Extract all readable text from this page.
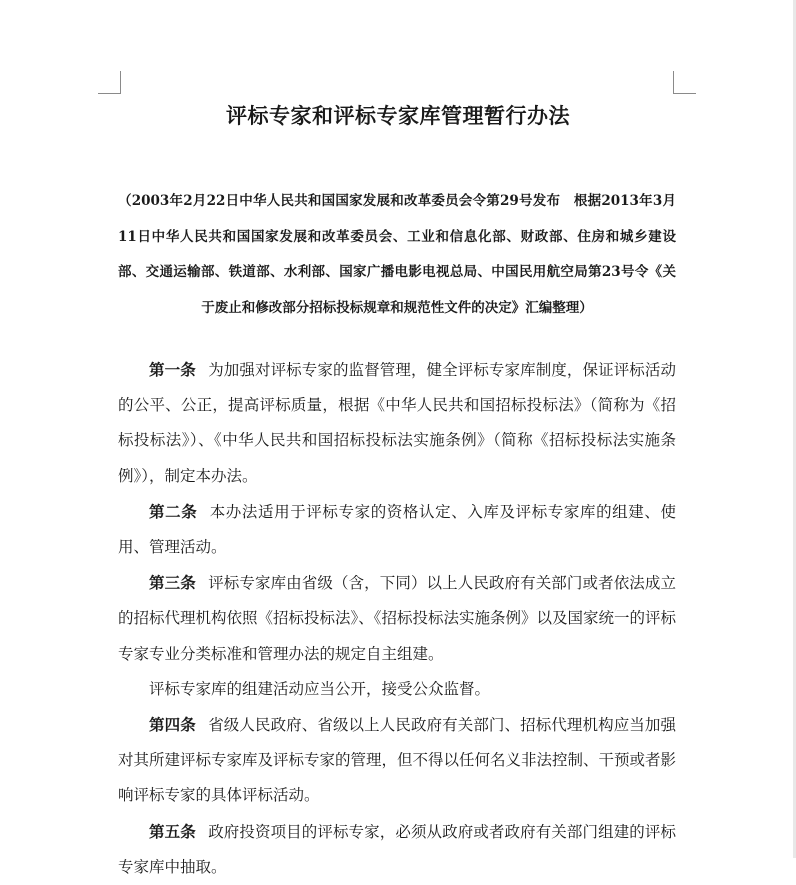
评标专家和评标专家库管理暂行办法
（2003年2月22日中华人民共和国国家发展和改革委员会令第29号发布　根据2013年3月11日中华人民共和国国家发展和改革委员会、工业和信息化部、财政部、住房和城乡建设部、交通运输部、铁道部、水利部、国家广播电影电视总局、中国民用航空局第23号令《关于废止和修改部分招标投标规章和规范性文件的决定》汇编整理）

第一条 为加强对评标专家的监督管理，健全评标专家库制度，保证评标活动的公平、公正，提高评标质量，根据《中华人民共和国招标投标法》（简称为《招标投标法》）、《中华人民共和国招标投标法实施条例》（简称《招标投标法实施条例》），制定本办法。

第二条 本办法适用于评标专家的资格认定、入库及评标专家库的组建、使用、管理活动。

第三条 评标专家库由省级（含，下同）以上人民政府有关部门或者依法成立的招标代理机构依照《招标投标法》、《招标投标法实施条例》以及国家统一的评标专家专业分类标准和管理办法的规定自主组建。

评标专家库的组建活动应当公开，接受公众监督。

第四条 省级人民政府、省级以上人民政府有关部门、招标代理机构应当加强对其所建评标专家库及评标专家的管理，但不得以任何名义非法控制、干预或者影响评标专家的具体评标活动。

第五条 政府投资项目的评标专家，必须从政府或者政府有关部门组建的评标专家库中抽取。
